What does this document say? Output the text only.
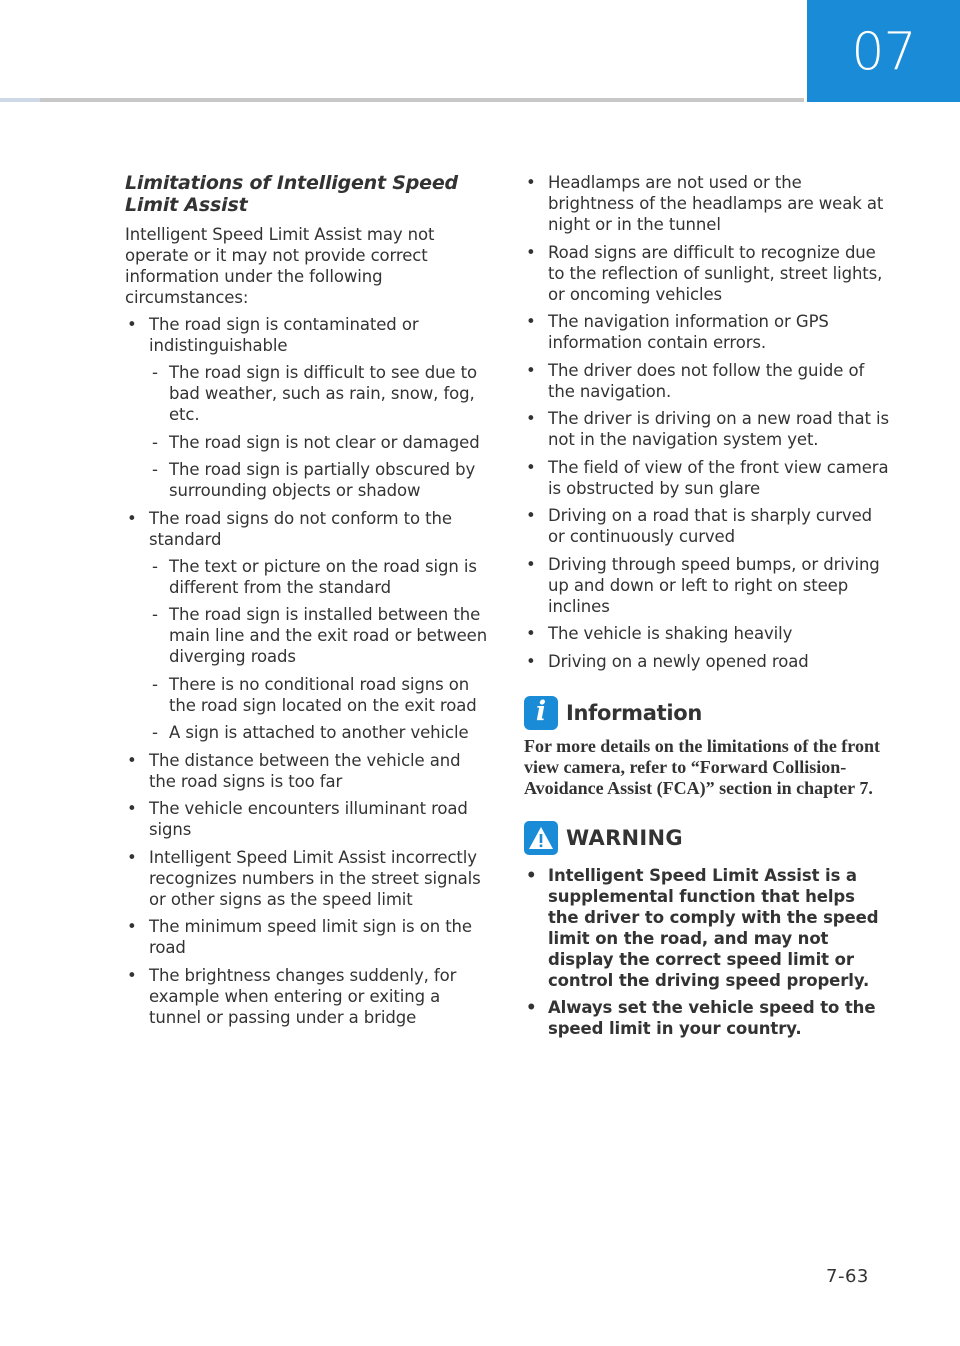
07
Limitations of Intelligent Speed Limit Assist

Intelligent Speed Limit Assist may not operate or it may not provide correct information under the following circumstances:

• The road sign is contaminated or indistinguishable
- The road sign is difficult to see due to bad weather, such as rain, snow, fog, etc.
- The road sign is not clear or damaged
- The road sign is partially obscured by surrounding objects or shadow
• The road signs do not conform to the standard
- The text or picture on the road sign is different from the standard
- The road sign is installed between the main line and the exit road or between diverging roads
- There is no conditional road signs on the road sign located on the exit road
- A sign is attached to another vehicle
• The distance between the vehicle and the road signs is too far
• The vehicle encounters illuminant road signs
• Intelligent Speed Limit Assist incorrectly recognizes numbers in the street signals or other signs as the speed limit
• The minimum speed limit sign is on the road
• The brightness changes suddenly, for example when entering or exiting a tunnel or passing under a bridge
• Headlamps are not used or the brightness of the headlamps are weak at night or in the tunnel
• Road signs are difficult to recognize due to the reflection of sunlight, street lights, or oncoming vehicles
• The navigation information or GPS information contain errors.
• The driver does not follow the guide of the navigation.
• The driver is driving on a new road that is not in the navigation system yet.
• The field of view of the front view camera is obstructed by sun glare
• Driving on a road that is sharply curved or continuously curved
• Driving through speed bumps, or driving up and down or left to right on steep inclines
• The vehicle is shaking heavily
• Driving on a newly opened road
i Information

For more details on the limitations of the front view camera, refer to “Forward Collision-Avoidance Assist (FCA)” section in chapter 7.

WARNING
• Intelligent Speed Limit Assist is a supplemental function that helps the driver to comply with the speed limit on the road, and may not display the correct speed limit or control the driving speed properly.
• Always set the vehicle speed to the speed limit in your country.
7-63
